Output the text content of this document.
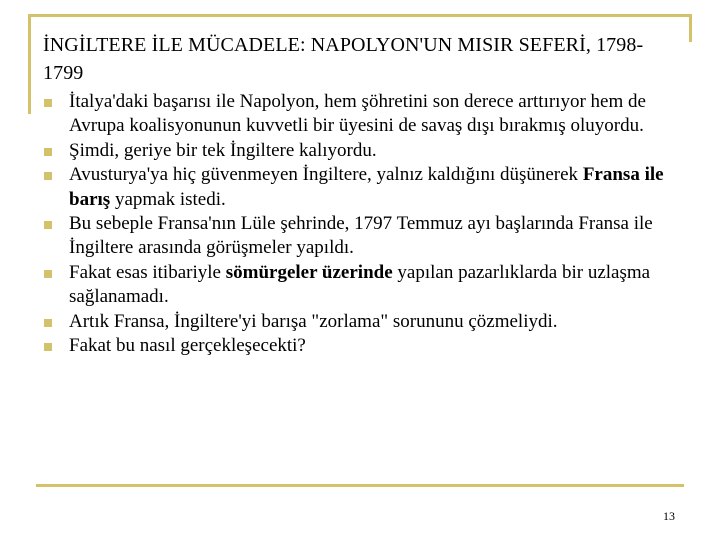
İNGİLTERE İLE MÜCADELE: NAPOLYON'UN MISIR SEFERİ, 1798-1799
İtalya'daki başarısı ile Napolyon, hem şöhretini son derece arttırıyor hem de Avrupa koalisyonunun kuvvetli bir üyesini de savaş dışı bırakmış oluyordu.
Şimdi, geriye bir tek İngiltere kalıyordu.
Avusturya'ya hiç güvenmeyen İngiltere, yalnız kaldığını düşünerek Fransa ile barış yapmak istedi.
Bu sebeple Fransa'nın Lüle şehrinde, 1797 Temmuz ayı başlarında Fransa ile İngiltere arasında görüşmeler yapıldı.
Fakat esas itibariyle sömürgeler üzerinde yapılan pazarlıklarda bir uzlaşma sağlanamadı.
Artık Fransa, İngiltere'yi barışa "zorlama" sorununu çözmeliydi.
Fakat bu nasıl gerçekleşecekti?
13
